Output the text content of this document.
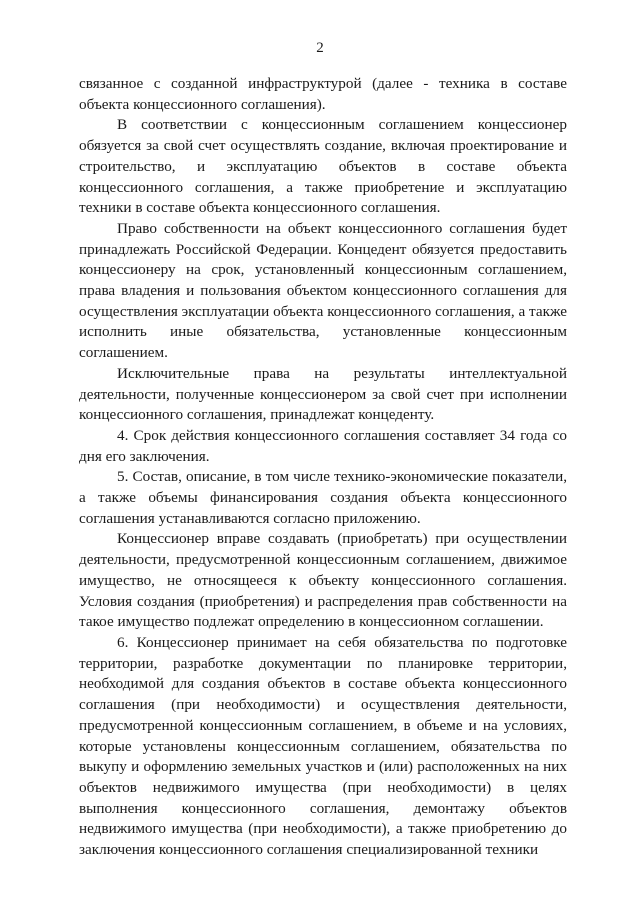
2

связанное с созданной инфраструктурой (далее - техника в составе объекта концессионного соглашения).

В соответствии с концессионным соглашением концессионер обязуется за свой счет осуществлять создание, включая проектирование и строительство, и эксплуатацию объектов в составе объекта концессионного соглашения, а также приобретение и эксплуатацию техники в составе объекта концессионного соглашения.

Право собственности на объект концессионного соглашения будет принадлежать Российской Федерации. Концедент обязуется предоставить концессионеру на срок, установленный концессионным соглашением, права владения и пользования объектом концессионного соглашения для осуществления эксплуатации объекта концессионного соглашения, а также исполнить иные обязательства, установленные концессионным соглашением.

Исключительные права на результаты интеллектуальной деятельности, полученные концессионером за свой счет при исполнении концессионного соглашения, принадлежат концеденту.

4. Срок действия концессионного соглашения составляет 34 года со дня его заключения.

5. Состав, описание, в том числе технико-экономические показатели, а также объемы финансирования создания объекта концессионного соглашения устанавливаются согласно приложению.

Концессионер вправе создавать (приобретать) при осуществлении деятельности, предусмотренной концессионным соглашением, движимое имущество, не относящееся к объекту концессионного соглашения. Условия создания (приобретения) и распределения прав собственности на такое имущество подлежат определению в концессионном соглашении.

6. Концессионер принимает на себя обязательства по подготовке территории, разработке документации по планировке территории, необходимой для создания объектов в составе объекта концессионного соглашения (при необходимости) и осуществления деятельности, предусмотренной концессионным соглашением, в объеме и на условиях, которые установлены концессионным соглашением, обязательства по выкупу и оформлению земельных участков и (или) расположенных на них объектов недвижимого имущества (при необходимости) в целях выполнения концессионного соглашения, демонтажу объектов недвижимого имущества (при необходимости), а также приобретению до заключения концессионного соглашения специализированной техники
